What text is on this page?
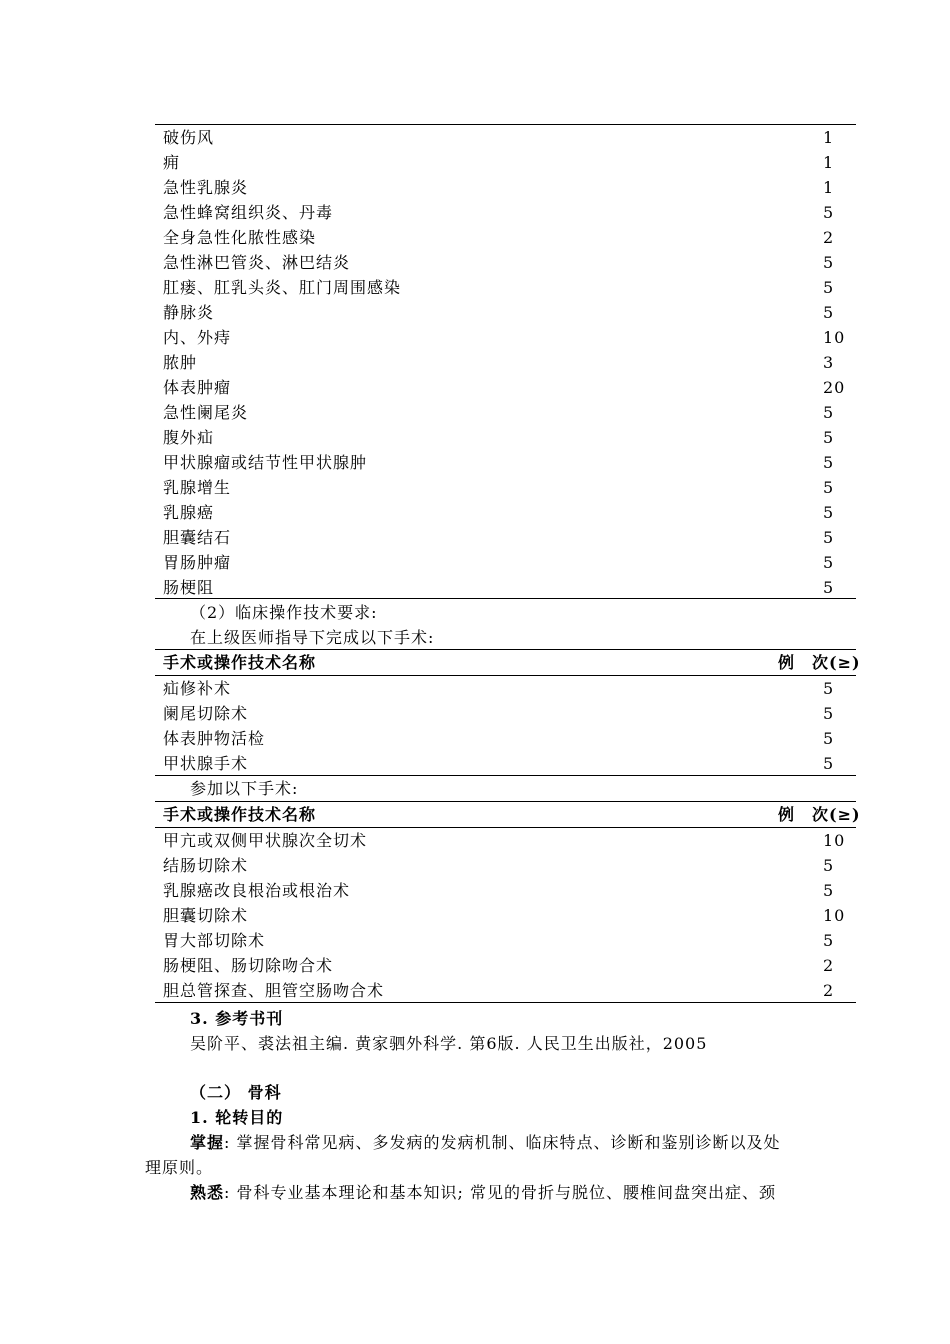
破伤风	1
痈	1
急性乳腺炎	1
急性蜂窝组织炎、丹毒	5
全身急性化脓性感染	2
急性淋巴管炎、淋巴结炎	5
肛瘘、肛乳头炎、肛门周围感染	5
静脉炎	5
内、外痔	10
脓肿	3
体表肿瘤	20
急性阑尾炎	5
腹外疝	5
甲状腺瘤或结节性甲状腺肿	5
乳腺增生	5
乳腺癌	5
胆囊结石	5
胃肠肿瘤	5
肠梗阻	5
（2）临床操作技术要求:
在上级医师指导下完成以下手术:
手术或操作技术名称	例　次(≥)
疝修补术	5
阑尾切除术	5
体表肿物活检	5
甲状腺手术	5
参加以下手术:
手术或操作技术名称	例　次(≥)
甲亢或双侧甲状腺次全切术	10
结肠切除术	5
乳腺癌改良根治或根治术	5
胆囊切除术	10
胃大部切除术	5
肠梗阻、肠切除吻合术	2
胆总管探查、胆管空肠吻合术	2
3. 参考书刊
吴阶平、裘法祖主编. 黄家驷外科学. 第6版. 人民卫生出版社，2005
（二） 骨科
1. 轮转目的
掌握: 掌握骨科常见病、多发病的发病机制、临床特点、诊断和鉴别诊断以及处
理原则。
熟悉: 骨科专业基本理论和基本知识; 常见的骨折与脱位、腰椎间盘突出症、颈
